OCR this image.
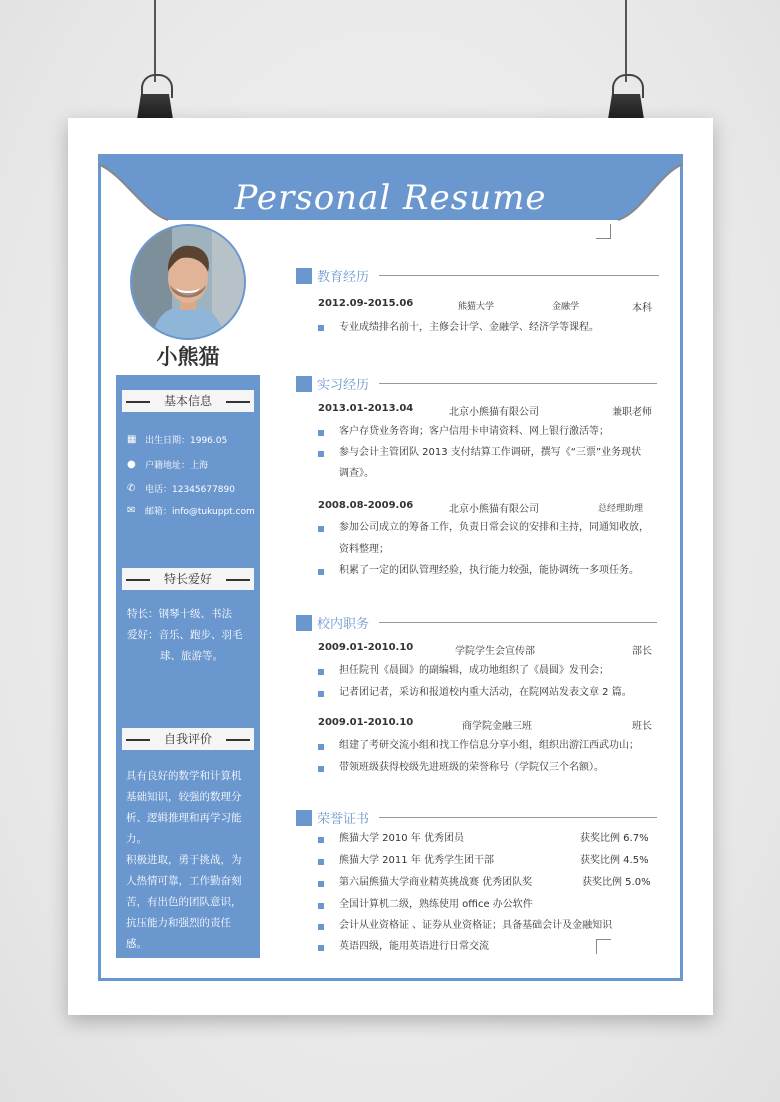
Personal Resume
小熊猫
基本信息
▦ 出生日期：1996.05
● 户籍地址：上海
✆ 电话：12345677890
✉ 邮箱：info@tukuppt.com
特长爱好
特长：钢琴十级、书法
爱好：音乐、跑步、羽毛
球、旅游等。
自我评价
具有良好的数学和计算机
基础知识，较强的数理分
析、逻辑推理和再学习能
力。
积极进取，勇于挑战，为
人热情可靠，工作勤奋刻
苦，有出色的团队意识，
抗压能力和强烈的责任
感。
教育经历
2012.09-2015.06	熊猫大学	金融学	本科
专业成绩排名前十，主修会计学、金融学、经济学等课程。
实习经历
2013.01-2013.04	北京小熊猫有限公司	兼职老师
客户存贷业务咨询；客户信用卡申请资料、网上银行激活等；
参与会计主管团队 2013 支付结算工作调研，撰写《“三票”业务现状
调查》。
2008.08-2009.06	北京小熊猫有限公司	总经理助理
参加公司成立的筹备工作，负责日常会议的安排和主持，同通知收放，
资料整理；
积累了一定的团队管理经验，执行能力较强，能协调统一多项任务。
校内职务
2009.01-2010.10	学院学生会宣传部	部长
担任院刊《晨圆》的副编辑，成功地组织了《晨圆》发刊会；
记者团记者，采访和报道校内重大活动，在院网站发表文章 2 篇。
2009.01-2010.10	商学院金融三班	班长
组建了考研交流小组和找工作信息分享小组，组织出游江西武功山；
带领班级获得校级先进班级的荣誉称号（学院仅三个名额）。
荣誉证书
熊猫大学 2010 年 优秀团员	获奖比例 6.7%
熊猫大学 2011 年 优秀学生团干部	获奖比例 4.5%
第六届熊猫大学商业精英挑战赛 优秀团队奖	获奖比例 5.0%
全国计算机二级，熟练使用 office 办公软件
会计从业资格证 、证券从业资格证；具备基础会计及金融知识
英语四级，能用英语进行日常交流
